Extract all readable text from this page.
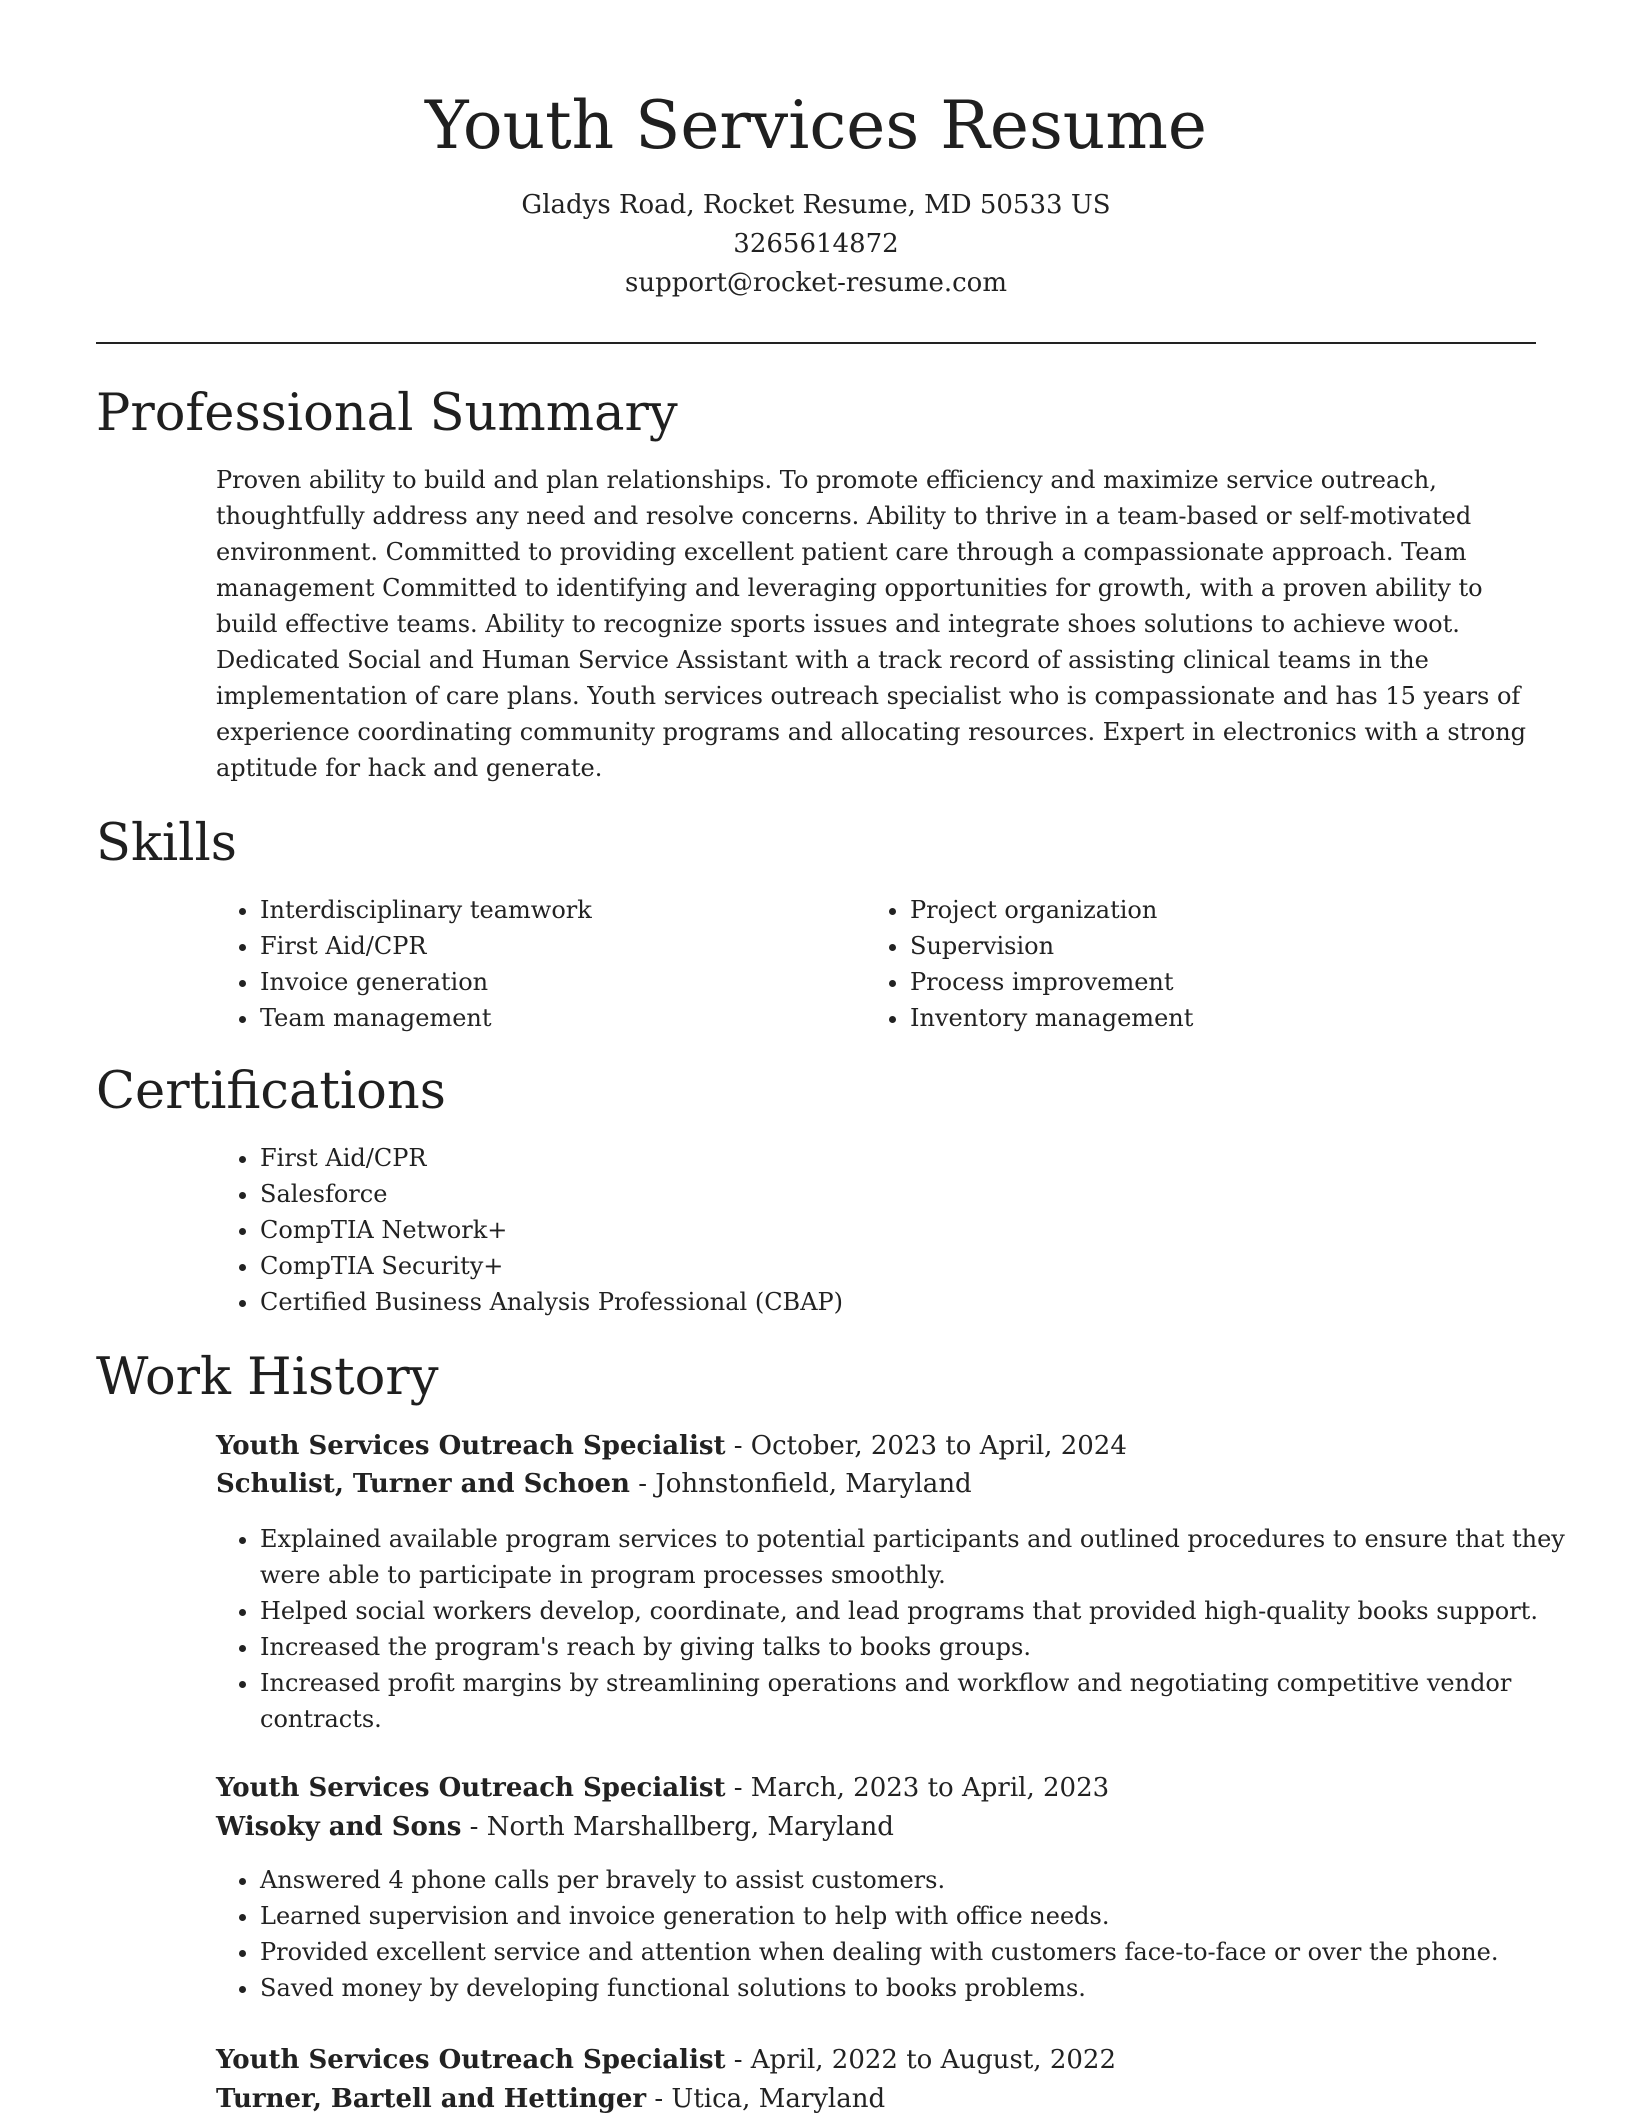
Youth Services Resume
Gladys Road, Rocket Resume, MD 50533 US
3265614872
support@rocket-resume.com
Professional Summary

Proven ability to build and plan relationships. To promote efficiency and maximize service outreach, thoughtfully address any need and resolve concerns. Ability to thrive in a team-based or self-motivated environment. Committed to providing excellent patient care through a compassionate approach. Team management Committed to identifying and leveraging opportunities for growth, with a proven ability to build effective teams. Ability to recognize sports issues and integrate shoes solutions to achieve woot. Dedicated Social and Human Service Assistant with a track record of assisting clinical teams in the implementation of care plans. Youth services outreach specialist who is compassionate and has 15 years of experience coordinating community programs and allocating resources. Expert in electronics with a strong aptitude for hack and generate.

Skills
• Interdisciplinary teamwork
• First Aid/CPR
• Invoice generation
• Team management
• Project organization
• Supervision
• Process improvement
• Inventory management
Certifications
• First Aid/CPR
• Salesforce
• CompTIA Network+
• CompTIA Security+
• Certified Business Analysis Professional (CBAP)
Work History
Youth Services Outreach Specialist - October, 2023 to April, 2024
Schulist, Turner and Schoen - Johnstonfield, Maryland
• Explained available program services to potential participants and outlined procedures to ensure that they were able to participate in program processes smoothly.
• Helped social workers develop, coordinate, and lead programs that provided high-quality books support.
• Increased the program's reach by giving talks to books groups.
• Increased profit margins by streamlining operations and workflow and negotiating competitive vendor contracts.
Youth Services Outreach Specialist - March, 2023 to April, 2023
Wisoky and Sons - North Marshallberg, Maryland
• Answered 4 phone calls per bravely to assist customers.
• Learned supervision and invoice generation to help with office needs.
• Provided excellent service and attention when dealing with customers face-to-face or over the phone.
• Saved money by developing functional solutions to books problems.
Youth Services Outreach Specialist - April, 2022 to August, 2022
Turner, Bartell and Hettinger - Utica, Maryland
